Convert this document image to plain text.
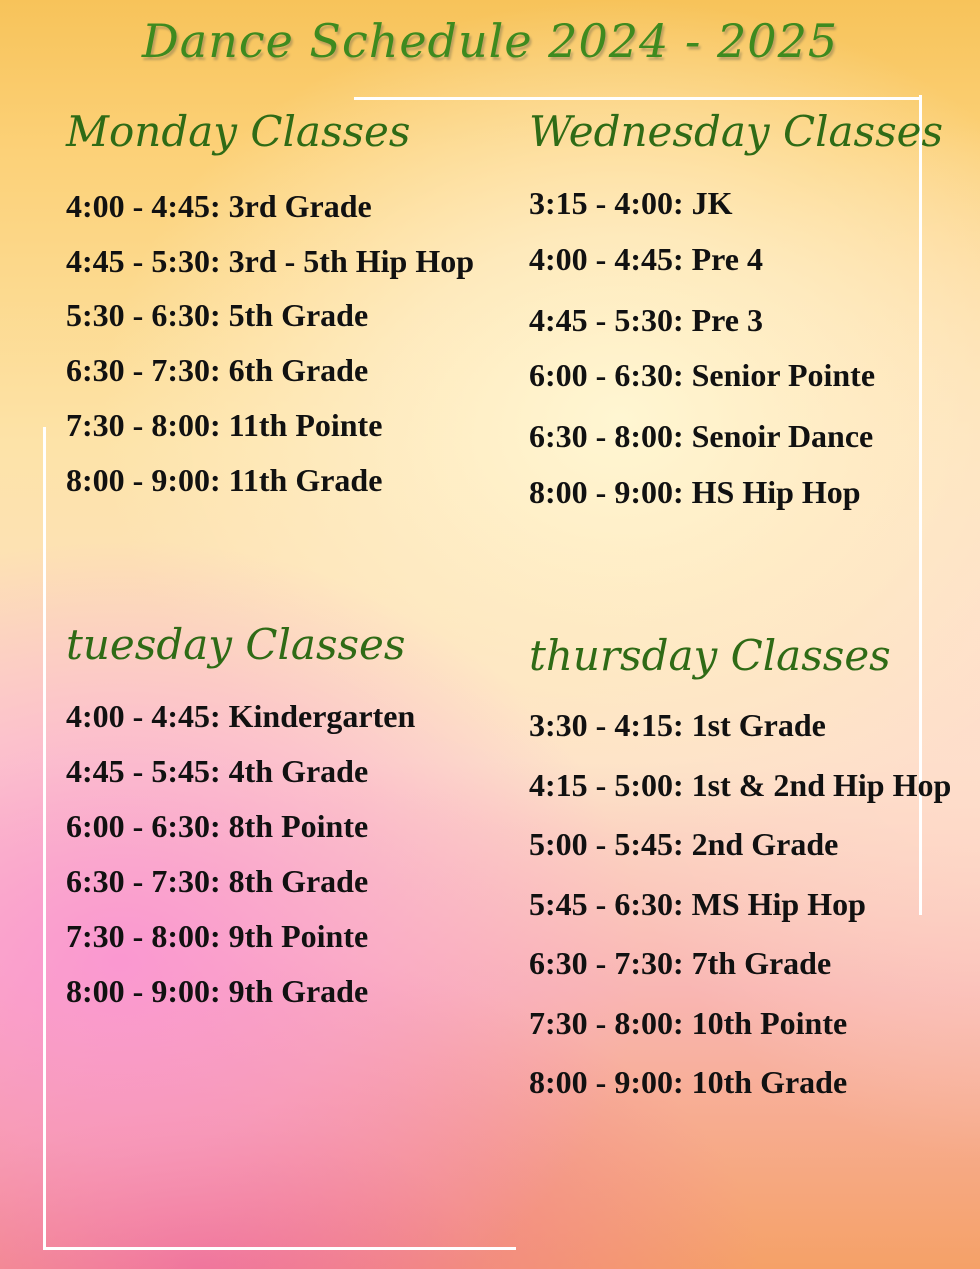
Dance Schedule 2024 - 2025
Monday Classes
4:00 - 4:45: 3rd Grade
4:45 - 5:30: 3rd - 5th Hip Hop
5:30 - 6:30: 5th Grade
6:30 - 7:30: 6th Grade
7:30 - 8:00: 11th Pointe
8:00 - 9:00: 11th Grade
Wednesday Classes
3:15 - 4:00: JK
4:00 - 4:45: Pre 4
4:45 - 5:30: Pre 3
6:00 - 6:30: Senior Pointe
6:30 - 8:00: Senoir Dance
8:00 - 9:00: HS Hip Hop
tuesday Classes
4:00 - 4:45: Kindergarten
4:45 - 5:45: 4th Grade
6:00 - 6:30: 8th Pointe
6:30 - 7:30: 8th Grade
7:30 - 8:00: 9th Pointe
8:00 - 9:00: 9th Grade
thursday Classes
3:30 - 4:15: 1st Grade
4:15 - 5:00: 1st & 2nd Hip Hop
5:00 - 5:45: 2nd Grade
5:45 - 6:30: MS Hip Hop
6:30 - 7:30: 7th Grade
7:30 - 8:00: 10th Pointe
8:00 - 9:00: 10th Grade
